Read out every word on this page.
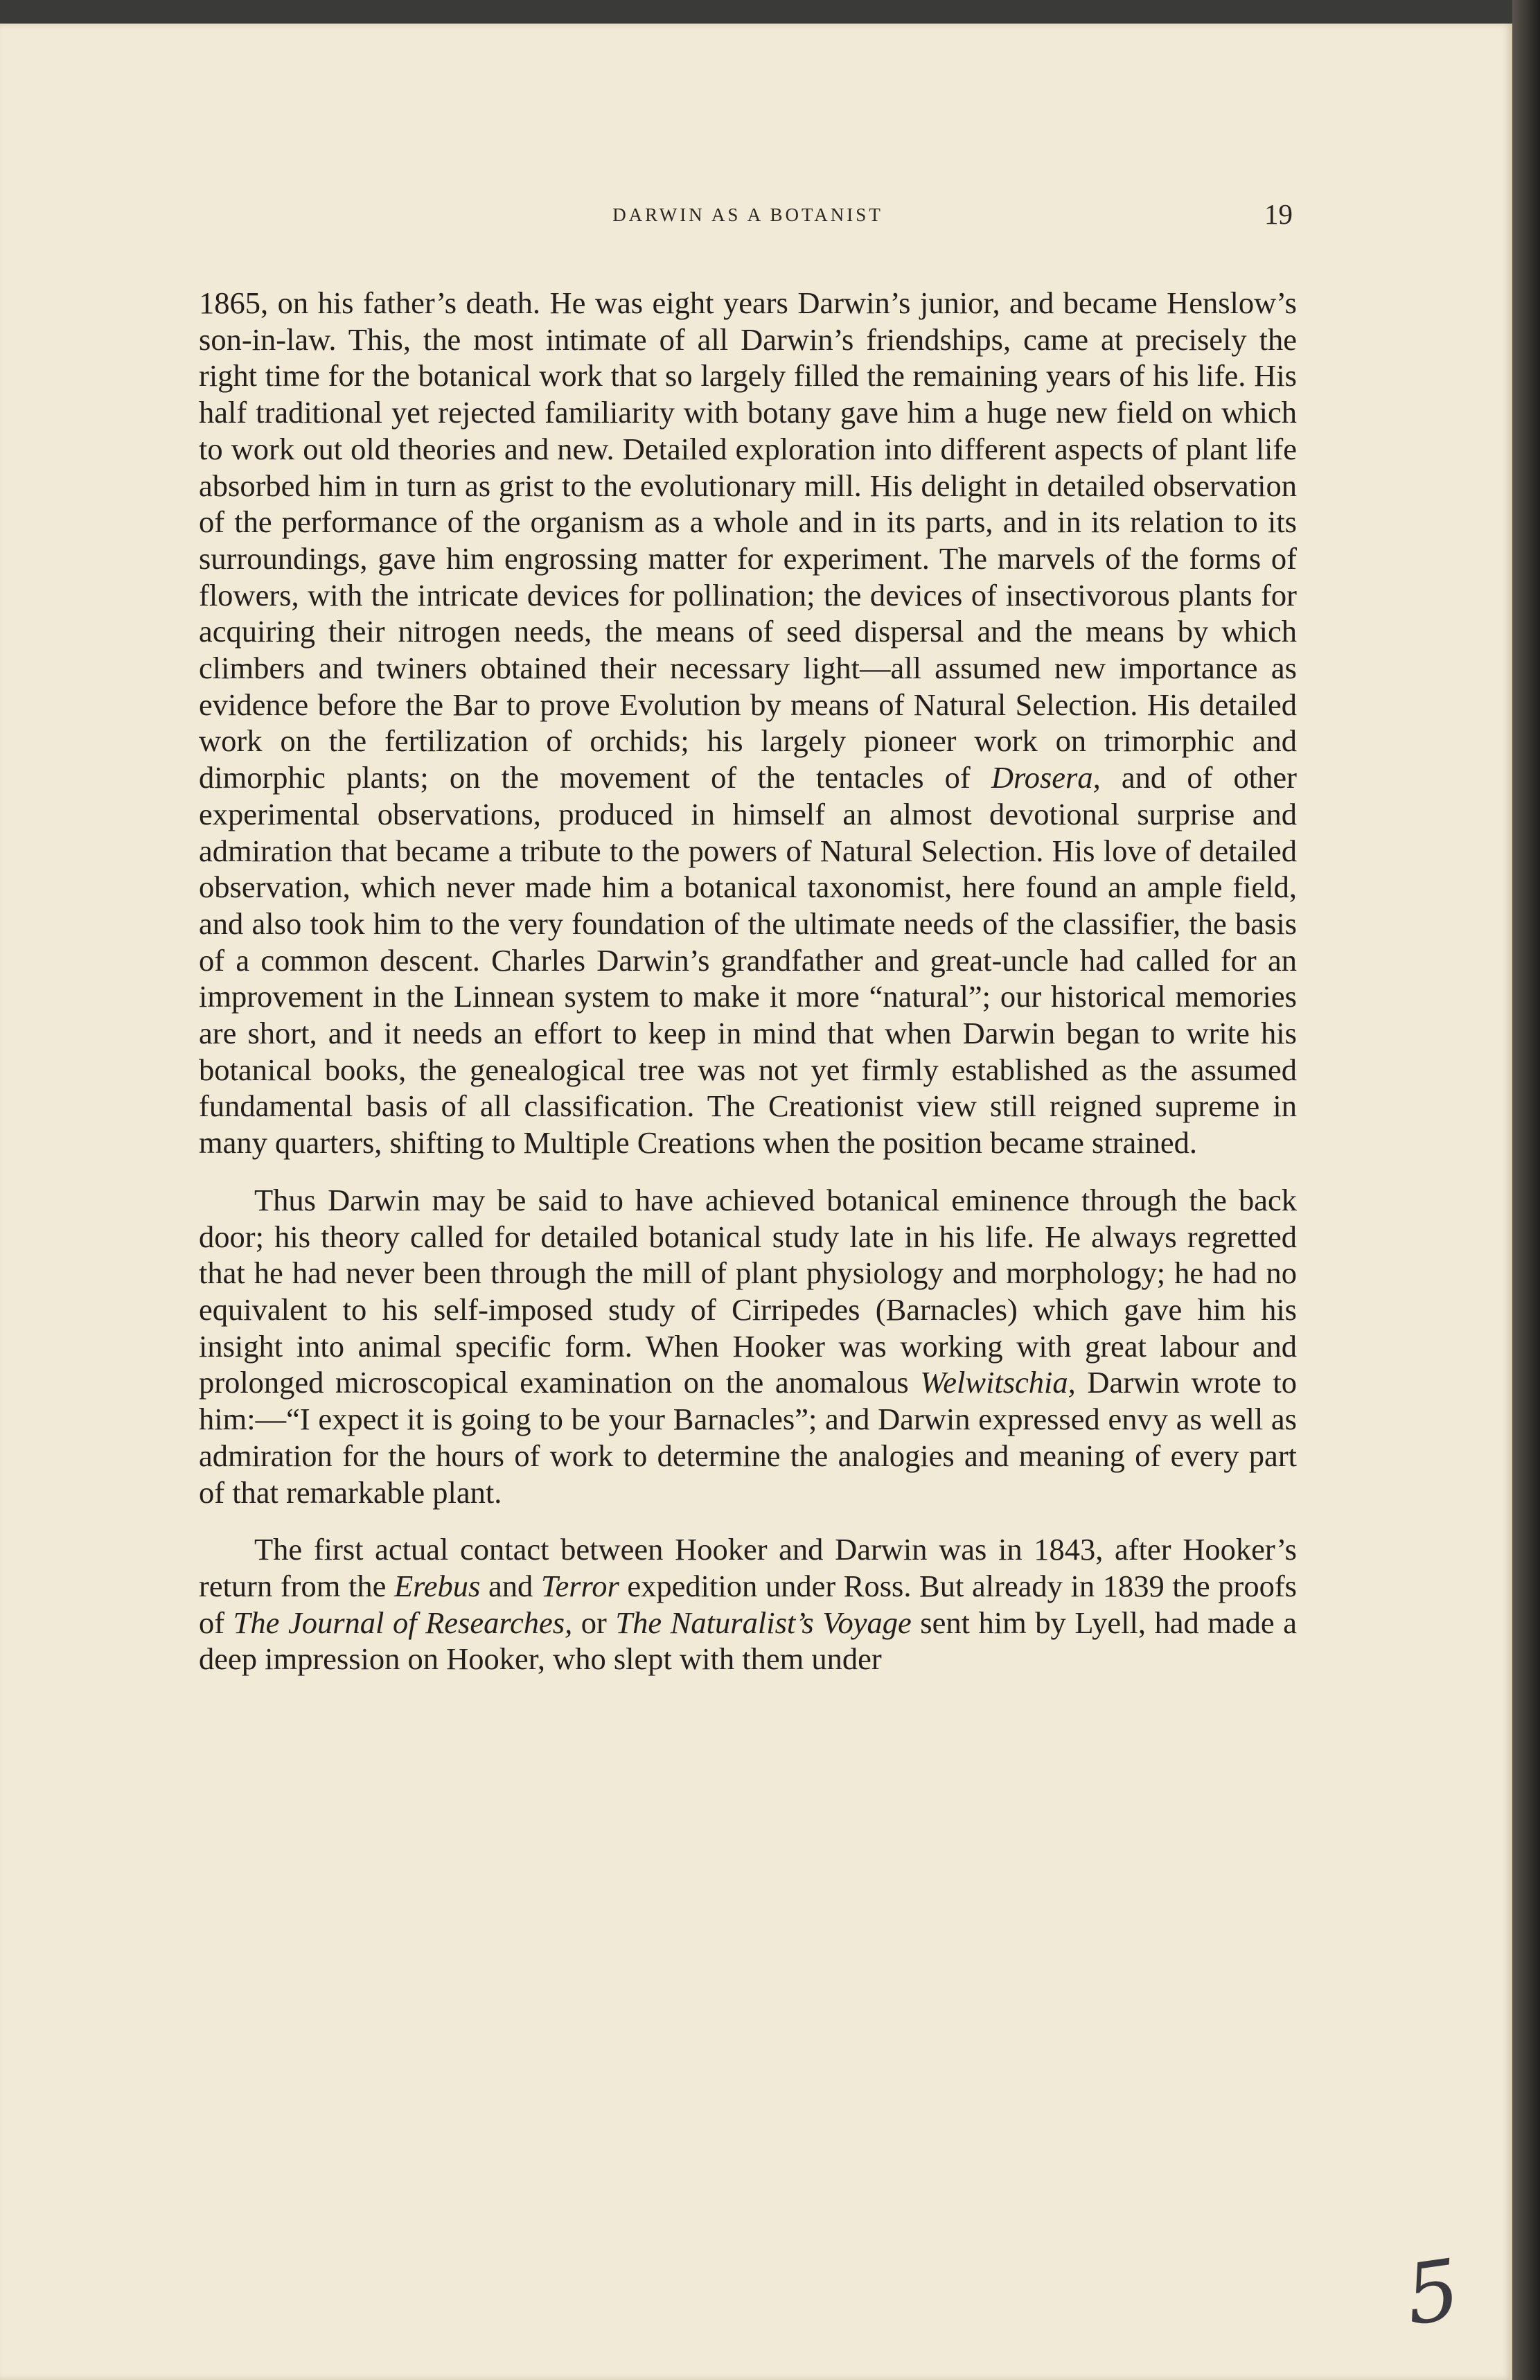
DARWIN AS A BOTANIST	19

1865, on his father’s death. He was eight years Darwin’s junior, and became Henslow’s son-in-law. This, the most intimate of all Darwin’s friendships, came at precisely the right time for the botanical work that so largely filled the remaining years of his life. His half traditional yet rejected familiarity with botany gave him a huge new field on which to work out old theories and new. Detailed exploration into different aspects of plant life absorbed him in turn as grist to the evolutionary mill. His delight in detailed observation of the performance of the organism as a whole and in its parts, and in its relation to its surroundings, gave him engrossing matter for experiment. The marvels of the forms of flowers, with the intricate devices for pollination; the devices of insectivorous plants for acquiring their nitrogen needs, the means of seed dispersal and the means by which climbers and twiners obtained their necessary light—all assumed new importance as evidence before the Bar to prove Evolution by means of Natural Selection. His detailed work on the fertilization of orchids; his largely pioneer work on trimorphic and dimorphic plants; on the movement of the tentacles of Drosera, and of other experimental observations, produced in himself an almost devotional surprise and admiration that became a tribute to the powers of Natural Selection. His love of detailed observation, which never made him a botanical taxonomist, here found an ample field, and also took him to the very foundation of the ultimate needs of the classifier, the basis of a common descent. Charles Darwin’s grandfather and great-uncle had called for an improvement in the Linnean system to make it more “natural”; our historical memories are short, and it needs an effort to keep in mind that when Darwin began to write his botanical books, the genealogical tree was not yet firmly established as the assumed fundamental basis of all classification. The Creationist view still reigned supreme in many quarters, shifting to Multiple Creations when the position became strained.

Thus Darwin may be said to have achieved botanical eminence through the back door; his theory called for detailed botanical study late in his life. He always regretted that he had never been through the mill of plant physiology and morphology; he had no equivalent to his self-imposed study of Cirripedes (Barnacles) which gave him his insight into animal specific form. When Hooker was working with great labour and prolonged microscopical examination on the anomalous Welwitschia, Darwin wrote to him:—“I expect it is going to be your Barnacles”; and Darwin expressed envy as well as admiration for the hours of work to determine the analogies and meaning of every part of that remarkable plant.

The first actual contact between Hooker and Darwin was in 1843, after Hooker’s return from the Erebus and Terror expedition under Ross. But already in 1839 the proofs of The Journal of Researches, or The Naturalist’s Voyage sent him by Lyell, had made a deep impression on Hooker, who slept with them under

5
